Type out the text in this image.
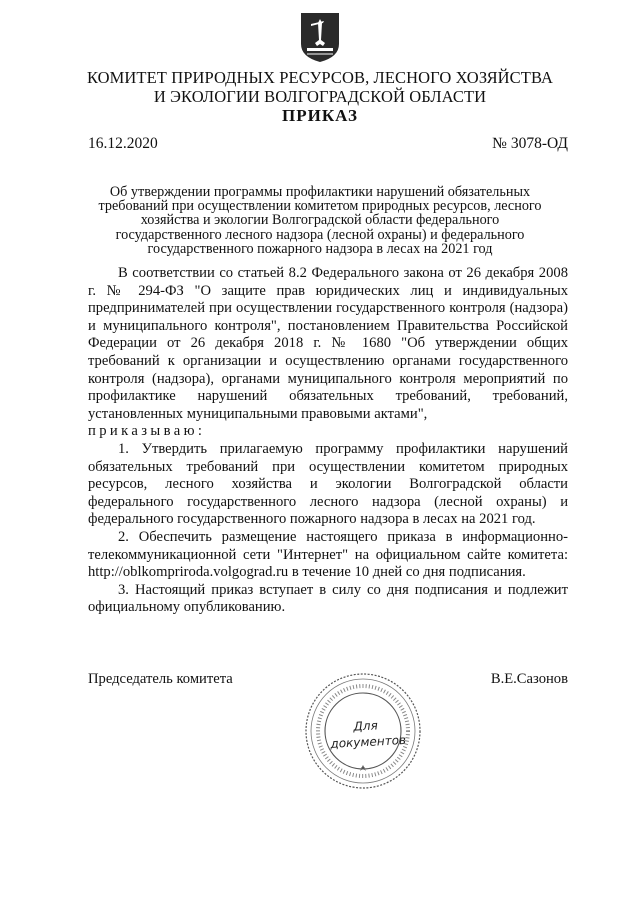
КОМИТЕТ ПРИРОДНЫХ РЕСУРСОВ, ЛЕСНОГО ХОЗЯЙСТВА
И ЭКОЛОГИИ ВОЛГОГРАДСКОЙ ОБЛАСТИ
ПРИКАЗ
16.12.2020	№ 3078-ОД
Об утверждении программы профилактики нарушений обязательных
требований при осуществлении комитетом природных ресурсов, лесного
хозяйства и экологии Волгоградской области федерального
государственного лесного надзора (лесной охраны) и федерального
государственного пожарного надзора в лесах на 2021 год

В соответствии со статьей 8.2 Федерального закона от 26 декабря 2008 г. № 294-ФЗ "О защите прав юридических лиц и индивидуальных предпринимателей при осуществлении государственного контроля (надзора) и муниципального контроля", постановлением Правительства Российской Федерации от 26 декабря 2018 г. № 1680 "Об утверждении общих требований к организации и осуществлению органами государственного контроля (надзора), органами муниципального контроля мероприятий по профилактике нарушений обязательных требований, требований, установленных муниципальными правовыми актами",

приказываю:

1. Утвердить прилагаемую программу профилактики нарушений обязательных требований при осуществлении комитетом природных ресурсов, лесного хозяйства и экологии Волгоградской области федерального государственного лесного надзора (лесной охраны) и федерального государственного пожарного надзора в лесах на 2021 год.

2. Обеспечить размещение настоящего приказа в информационно-телекоммуникационной сети "Интернет" на официальном сайте комитета: http://oblkompriroda.volgograd.ru в течение 10 дней со дня подписания.

3. Настоящий приказ вступает в силу со дня подписания и подлежит официальному опубликованию.

Председатель комитета	В.Е.Сазонов
Для
документов
